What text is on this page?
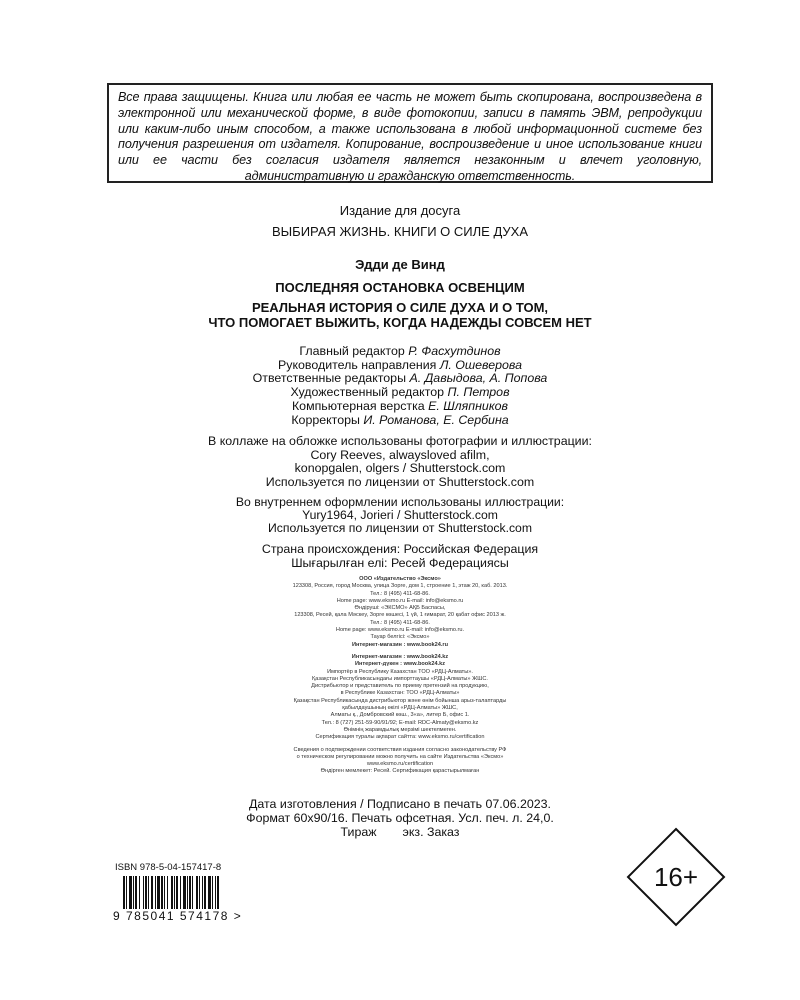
Все права защищены. Книга или любая ее часть не может быть скопирована, воспроизведена в электронной или механической форме, в виде фотокопии, записи в память ЭВМ, репродукции или каким-либо иным способом, а также использована в любой информационной системе без получения разрешения от издателя. Копирование, воспроизведение и иное использование книги или ее части без согласия издателя является незаконным и влечет уголовную, административную и гражданскую ответственность.
Издание для досуга
ВЫБИРАЯ ЖИЗНЬ. КНИГИ О СИЛЕ ДУХА
Эдди де Винд
ПОСЛЕДНЯЯ ОСТАНОВКА ОСВЕНЦИМ
РЕАЛЬНАЯ ИСТОРИЯ О СИЛЕ ДУХА И О ТОМ,
ЧТО ПОМОГАЕТ ВЫЖИТЬ, КОГДА НАДЕЖДЫ СОВСЕМ НЕТ
Главный редактор Р. Фасхутдинов
Руководитель направления Л. Ошеверова
Ответственные редакторы А. Давыдова, А. Попова
Художественный редактор П. Петров
Компьютерная верстка Е. Шляпников
Корректоры И. Романова, Е. Сербина
В коллаже на обложке использованы фотографии и иллюстрации:
Cory Reeves, alwaysloved afilm,
konopgalen, olgers / Shutterstock.com
Используется по лицензии от Shutterstock.com
Во внутреннем оформлении использованы иллюстрации:
Yury1964, Jorieri / Shutterstock.com
Используется по лицензии от Shutterstock.com
Страна происхождения: Российская Федерация
Шығарылған елі: Ресей Федерациясы
ООО «Издательство «Эксмо»
123308, Россия, город Москва, улица Зорге, дом 1, строение 1, этаж 20, каб. 2013.
Тел.: 8 (495) 411-68-86.
Home page: www.eksmo.ru E-mail: info@eksmo.ru
Өндіруші: «ЭКСМО» АҚБ Баспасы,
123308, Ресей, қала Мәскеу, Зорге көшесі, 1 үй, 1 ғимарат, 20 қабат офис 2013 ж.
Тел.: 8 (495) 411-68-86.
Home page: www.eksmo.ru E-mail: info@eksmo.ru.
Тауар белгісі: «Эксмо»
Интернет-магазин : www.book24.ru
Интернет-магазин : www.book24.kz
Интернет-дүкен : www.book24.kz
Импортёр в Республику Казахстан ТОО «РДЦ-Алматы».
Қазақстан Республикасындағы импорттаушы «РДЦ-Алматы» ЖШС.
Дистрибьютор и представитель по приему претензий на продукцию,
в Республике Казахстан: ТОО «РДЦ-Алматы»
Қазақстан Республикасында дистрибьютор және өнім бойынша арыз-талаптарды
қабылдаушының өкілі «РДЦ-Алматы» ЖШС,
Алматы қ., Домбровский көш., 3«а», литер Б, офис 1.
Тел.: 8 (727) 251-59-90/91/92; E-mail: RDC-Almaty@eksmo.kz
Өнімнің жарамдылық мерзімі шектелмеген.
Сертификация туралы ақпарат сайтта: www.eksmo.ru/certification
Сведения о подтверждении соответствия издания согласно законодательству РФ
о техническом регулировании можно получить на сайте Издательства «Эксмо»
www.eksmo.ru/certification
Өндірген мемлекет: Ресей. Сертификация қарастырылмаған
Дата изготовления / Подписано в печать 07.06.2023.
Формат 60x90/16. Печать офсетная. Усл. печ. л. 24,0.
Тираж экз. Заказ
ISBN 978-5-04-157417-8
9 785041 574178 >
16+
